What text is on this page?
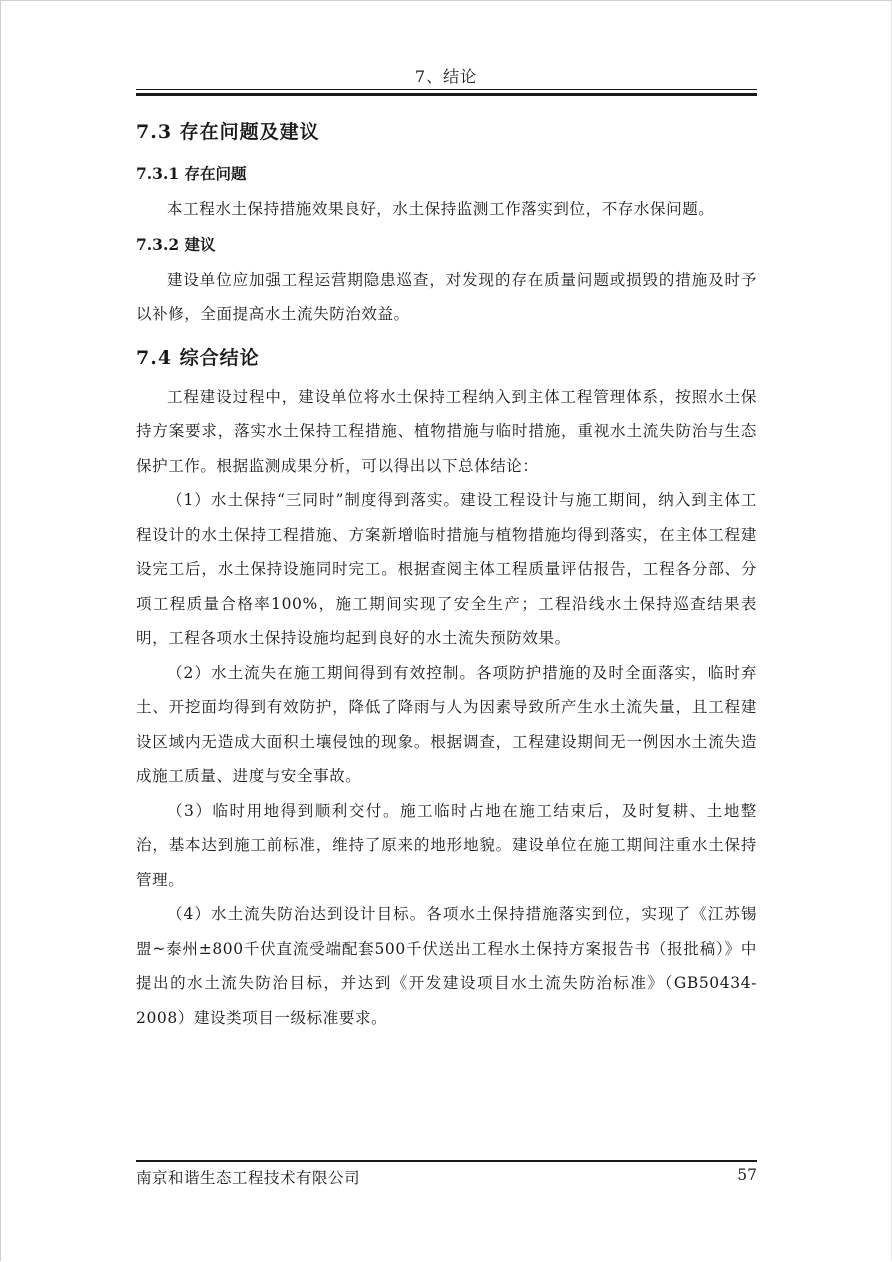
7、结论
7.3 存在问题及建议
7.3.1 存在问题

本工程水土保持措施效果良好，水土保持监测工作落实到位，不存水保问题。

7.3.2 建议

建设单位应加强工程运营期隐患巡查，对发现的存在质量问题或损毁的措施及时予以补修，全面提高水土流失防治效益。

7.4 综合结论

工程建设过程中，建设单位将水土保持工程纳入到主体工程管理体系，按照水土保持方案要求，落实水土保持工程措施、植物措施与临时措施，重视水土流失防治与生态保护工作。根据监测成果分析，可以得出以下总体结论：

（1）水土保持“三同时”制度得到落实。建设工程设计与施工期间，纳入到主体工程设计的水土保持工程措施、方案新增临时措施与植物措施均得到落实，在主体工程建设完工后，水土保持设施同时完工。根据查阅主体工程质量评估报告，工程各分部、分项工程质量合格率100%，施工期间实现了安全生产；工程沿线水土保持巡查结果表明，工程各项水土保持设施均起到良好的水土流失预防效果。

（2）水土流失在施工期间得到有效控制。各项防护措施的及时全面落实，临时弃土、开挖面均得到有效防护，降低了降雨与人为因素导致所产生水土流失量，且工程建设区域内无造成大面积土壤侵蚀的现象。根据调查，工程建设期间无一例因水土流失造成施工质量、进度与安全事故。

（3）临时用地得到顺利交付。施工临时占地在施工结束后，及时复耕、土地整治，基本达到施工前标准，维持了原来的地形地貌。建设单位在施工期间注重水土保持管理。

（4）水土流失防治达到设计目标。各项水土保持措施落实到位，实现了《江苏锡盟~泰州±800千伏直流受端配套500千伏送出工程水土保持方案报告书（报批稿）》中提出的水土流失防治目标，并达到《开发建设项目水土流失防治标准》（GB50434-2008）建设类项目一级标准要求。

南京和谐生态工程技术有限公司	57
